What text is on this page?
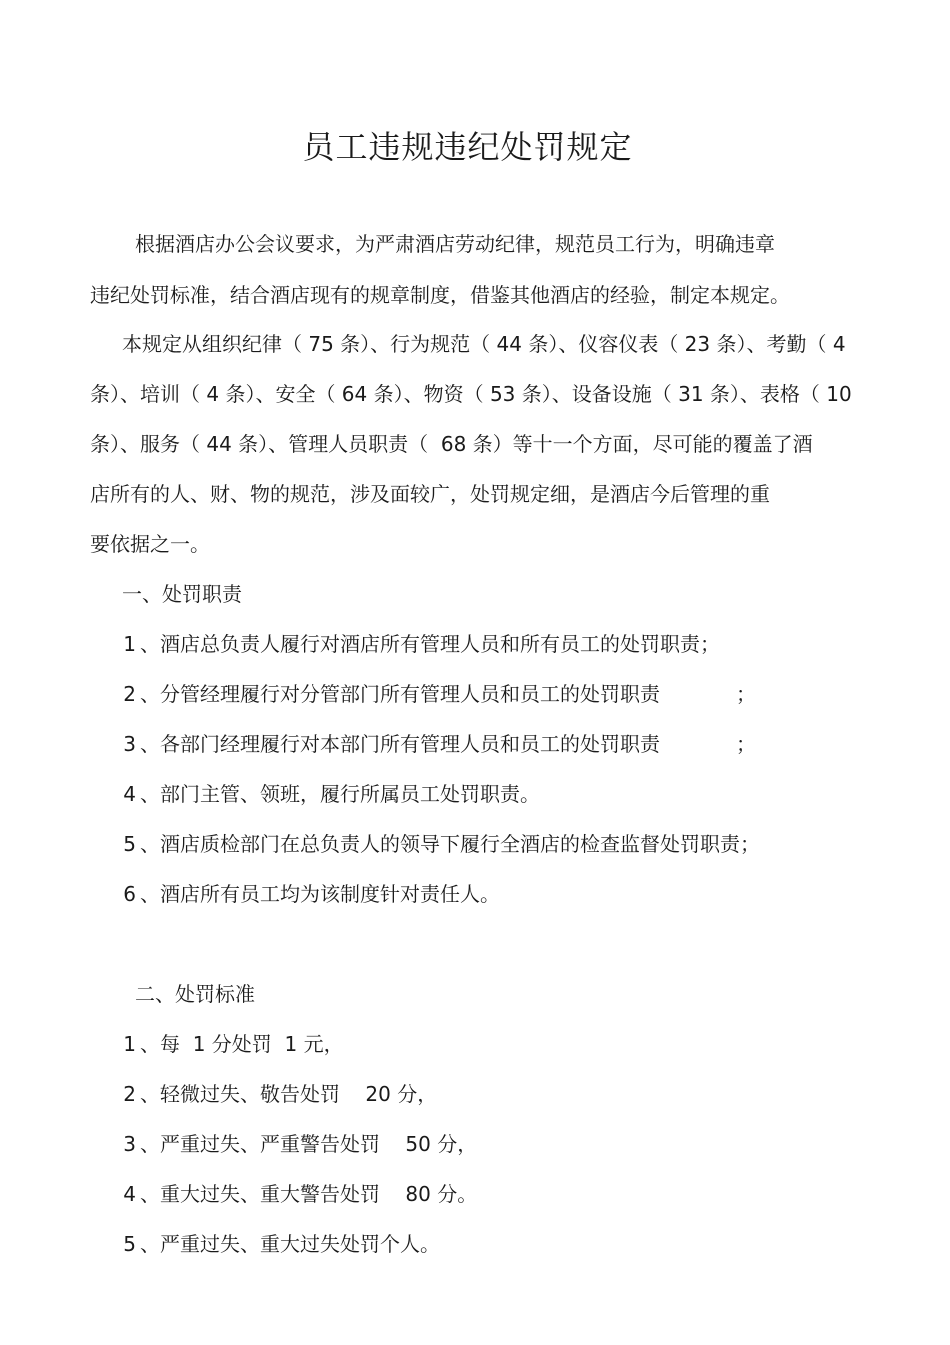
员工违规违纪处罚规定
根据酒店办公会议要求，为严肃酒店劳动纪律，规范员工行为，明确违章
违纪处罚标准，结合酒店现有的规章制度，借鉴其他酒店的经验，制定本规定。
本规定从组织纪律（ 75 条）、行为规范（ 44 条）、仪容仪表（ 23 条）、考勤（ 4
条）、培训（ 4 条）、安全（ 64 条）、物资（ 53 条）、设备设施（ 31 条）、表格（ 10
条）、服务（ 44 条）、管理人员职责（  68 条）等十一个方面，尽可能的覆盖了酒
店所有的人、财、物的规范，涉及面较广，处罚规定细，是酒店今后管理的重
要依据之一。
一、处罚职责
1 、酒店总负责人履行对酒店所有管理人员和所有员工的处罚职责；
2 、分管经理履行对分管部门所有管理人员和员工的处罚职责	；
3 、各部门经理履行对本部门所有管理人员和员工的处罚职责	；
4 、部门主管、领班，履行所属员工处罚职责。
5 、酒店质检部门在总负责人的领导下履行全酒店的检查监督处罚职责；
6 、酒店所有员工均为该制度针对责任人。
二、处罚标准
1 、每  1 分处罚  1 元，
2 、轻微过失、敬告处罚    20 分，
3 、严重过失、严重警告处罚    50 分，
4 、重大过失、重大警告处罚    80 分。
5 、严重过失、重大过失处罚个人。
